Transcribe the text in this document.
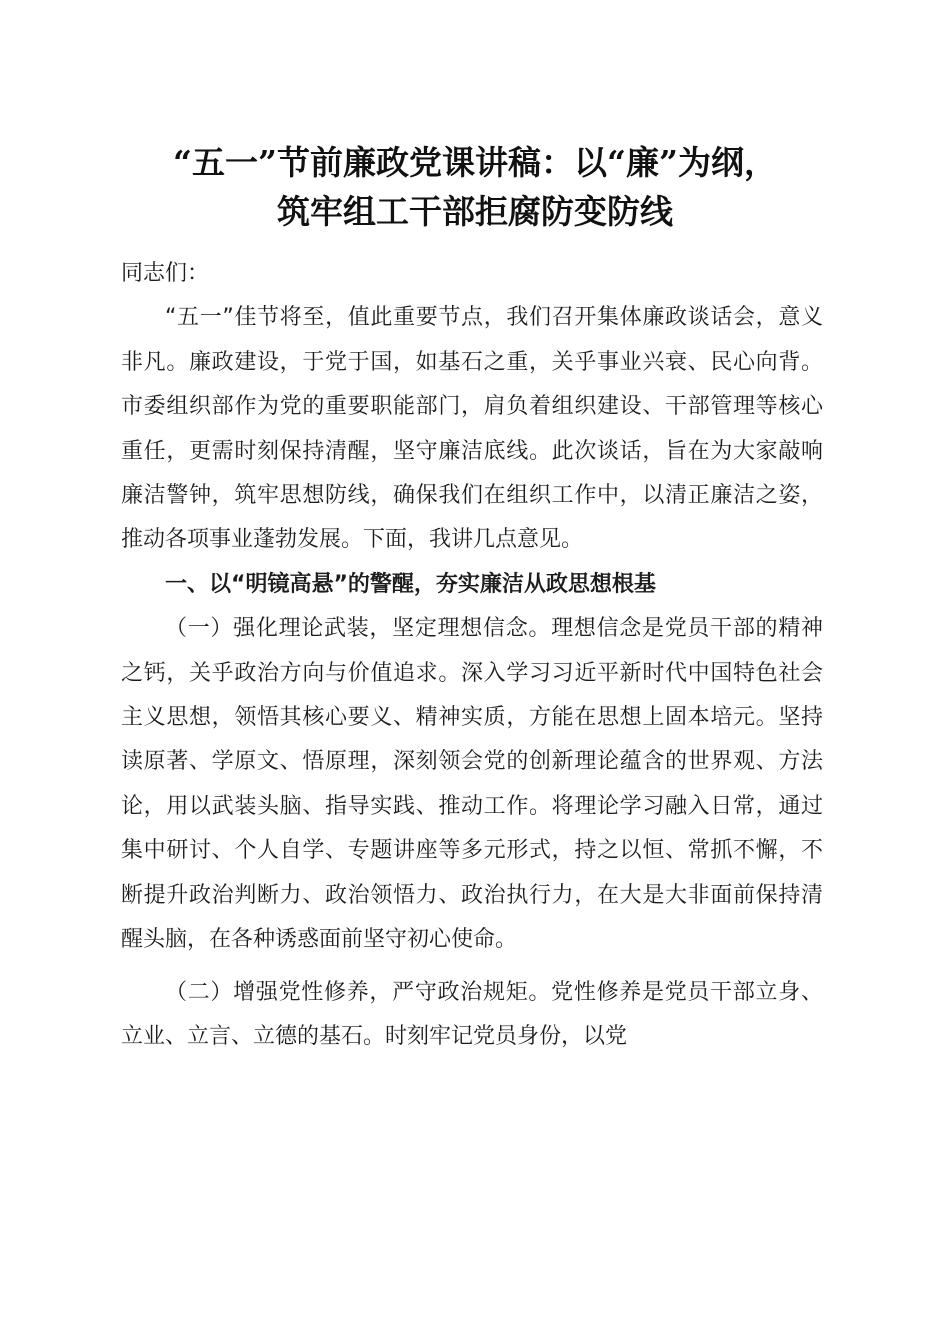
“五一”节前廉政党课讲稿：以“廉”为纲，
筑牢组工干部拒腐防变防线

同志们：

“五一”佳节将至，值此重要节点，我们召开集体廉政谈话会，意义非凡。廉政建设，于党于国，如基石之重，关乎事业兴衰、民心向背。市委组织部作为党的重要职能部门，肩负着组织建设、干部管理等核心重任，更需时刻保持清醒，坚守廉洁底线。此次谈话，旨在为大家敲响廉洁警钟，筑牢思想防线，确保我们在组织工作中，以清正廉洁之姿，推动各项事业蓬勃发展。下面，我讲几点意见。

一、以“明镜高悬”的警醒，夯实廉洁从政思想根基

（一）强化理论武装，坚定理想信念。理想信念是党员干部的精神之钙，关乎政治方向与价值追求。深入学习习近平新时代中国特色社会主义思想，领悟其核心要义、精神实质，方能在思想上固本培元。坚持读原著、学原文、悟原理，深刻领会党的创新理论蕴含的世界观、方法论，用以武装头脑、指导实践、推动工作。将理论学习融入日常，通过集中研讨、个人自学、专题讲座等多元形式，持之以恒、常抓不懈，不断提升政治判断力、政治领悟力、政治执行力，在大是大非面前保持清醒头脑，在各种诱惑面前坚守初心使命。

（二）增强党性修养，严守政治规矩。党性修养是党员干部立身、立业、立言、立德的基石。时刻牢记党员身份，以党
